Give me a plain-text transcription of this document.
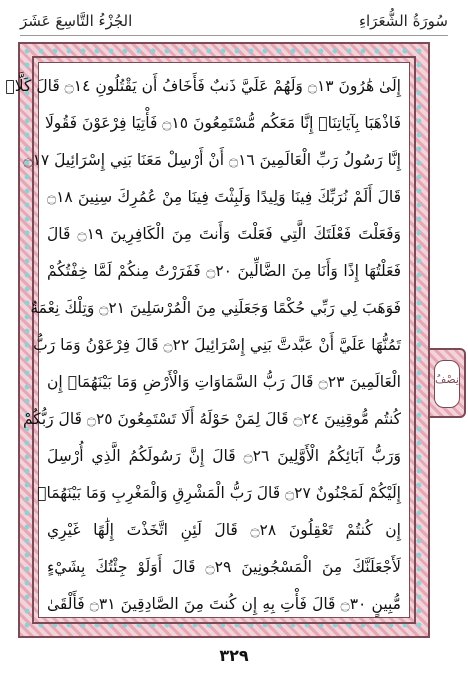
سُورَةُ الشُّعَرَاءِ
الجُزْءُ التَّاسِعَ عَشَرَ
إِلَىٰ هَٰرُونَ ۝١٣ وَلَهُمْ عَلَيَّ ذَنبٌ فَأَخَافُ أَن يَقْتُلُونِ ۝١٤ قَالَ كَلَّاۖ
فَاذْهَبَا بِآيَاتِنَاۖ إِنَّا مَعَكُم مُّسْتَمِعُونَ ۝١٥ فَأْتِيَا فِرْعَوْنَ فَقُولَا
إِنَّا رَسُولُ رَبِّ الْعَالَمِينَ ۝١٦ أَنْ أَرْسِلْ مَعَنَا بَنِي إِسْرَائِيلَ ۝١٧
قَالَ أَلَمْ نُرَبِّكَ فِينَا وَلِيدًا وَلَبِثْتَ فِينَا مِنْ عُمُرِكَ سِنِينَ ۝١٨
وَفَعَلْتَ فَعْلَتَكَ الَّتِي فَعَلْتَ وَأَنتَ مِنَ الْكَافِرِينَ ۝١٩ قَالَ
فَعَلْتُهَا إِذًا وَأَنَا مِنَ الضَّالِّينَ ۝٢٠ فَفَرَرْتُ مِنكُمْ لَمَّا خِفْتُكُمْ
فَوَهَبَ لِي رَبِّي حُكْمًا وَجَعَلَنِي مِنَ الْمُرْسَلِينَ ۝٢١ وَتِلْكَ نِعْمَةٌ
تَمُنُّهَا عَلَيَّ أَنْ عَبَّدتَّ بَنِي إِسْرَائِيلَ ۝٢٢ قَالَ فِرْعَوْنُ وَمَا رَبُّ
الْعَالَمِينَ ۝٢٣ قَالَ رَبُّ السَّمَاوَاتِ وَالْأَرْضِ وَمَا بَيْنَهُمَاۖ إِن
كُنتُم مُّوقِنِينَ ۝٢٤ قَالَ لِمَنْ حَوْلَهُ أَلَا تَسْتَمِعُونَ ۝٢٥ قَالَ رَبُّكُمْ
وَرَبُّ آبَائِكُمُ الْأَوَّلِينَ ۝٢٦ قَالَ إِنَّ رَسُولَكُمُ الَّذِي أُرْسِلَ
إِلَيْكُمْ لَمَجْنُونٌ ۝٢٧ قَالَ رَبُّ الْمَشْرِقِ وَالْمَغْرِبِ وَمَا بَيْنَهُمَاۖ
إِن كُنتُمْ تَعْقِلُونَ ۝٢٨ قَالَ لَئِنِ اتَّخَذْتَ إِلَٰهًا غَيْرِي
لَأَجْعَلَنَّكَ مِنَ الْمَسْجُونِينَ ۝٢٩ قَالَ أَوَلَوْ جِئْتُكَ بِشَيْءٍ
مُّبِينٍ ۝٣٠ قَالَ فَأْتِ بِهِ إِن كُنتَ مِنَ الصَّادِقِينَ ۝٣١ فَأَلْقَىٰ
نِصْفُ
٣٢٩
